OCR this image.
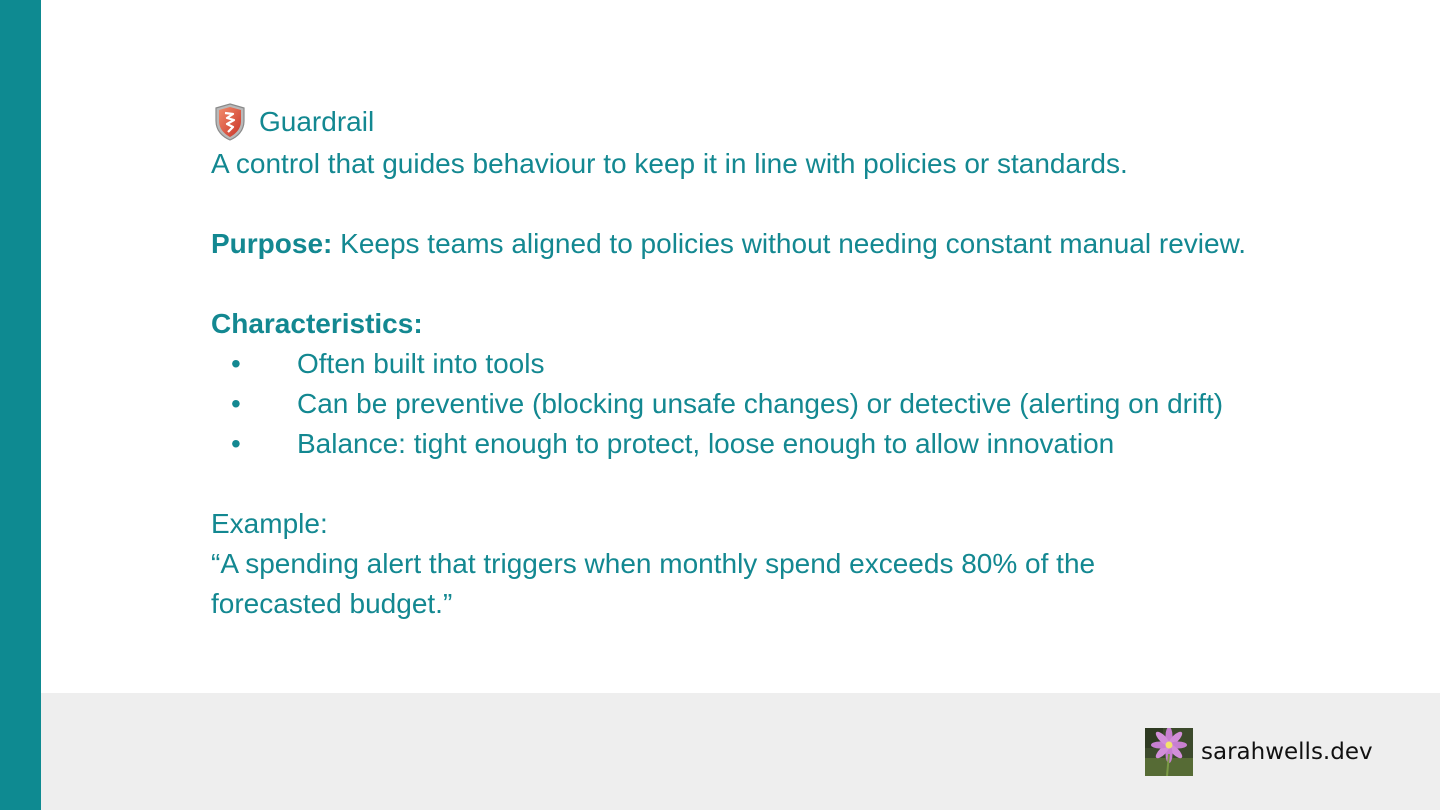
Guardrail
A control that guides behaviour to keep it in line with policies or standards.
Purpose: Keeps teams aligned to policies without needing constant manual review.
Characteristics:
• Often built into tools
• Can be preventive (blocking unsafe changes) or detective (alerting on drift)
• Balance: tight enough to protect, loose enough to allow innovation
Example:
“A spending alert that triggers when monthly spend exceeds 80% of the forecasted budget.”
sarahwells.dev
